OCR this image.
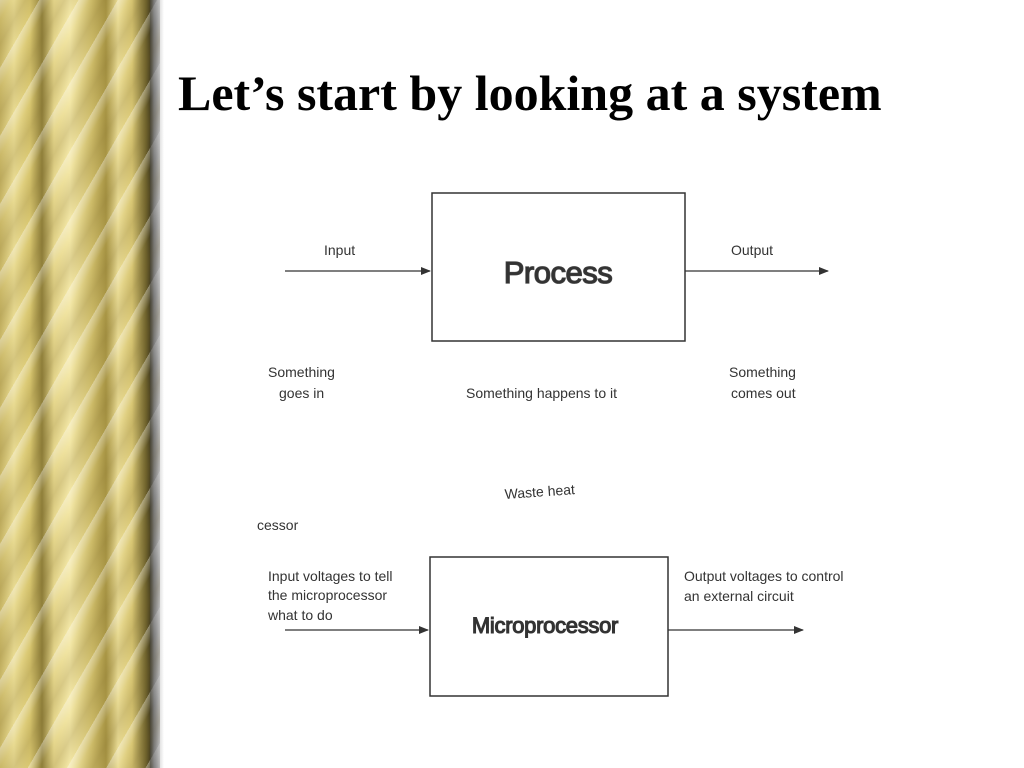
Let’s start by looking at a system
Process
Input	Output
Something
goes in	Something happens to it
Something
comes out
Waste heat
cessor
Microprocessor
Input voltages to tell
the microprocessor
what to do
Output voltages to control
an external circuit
